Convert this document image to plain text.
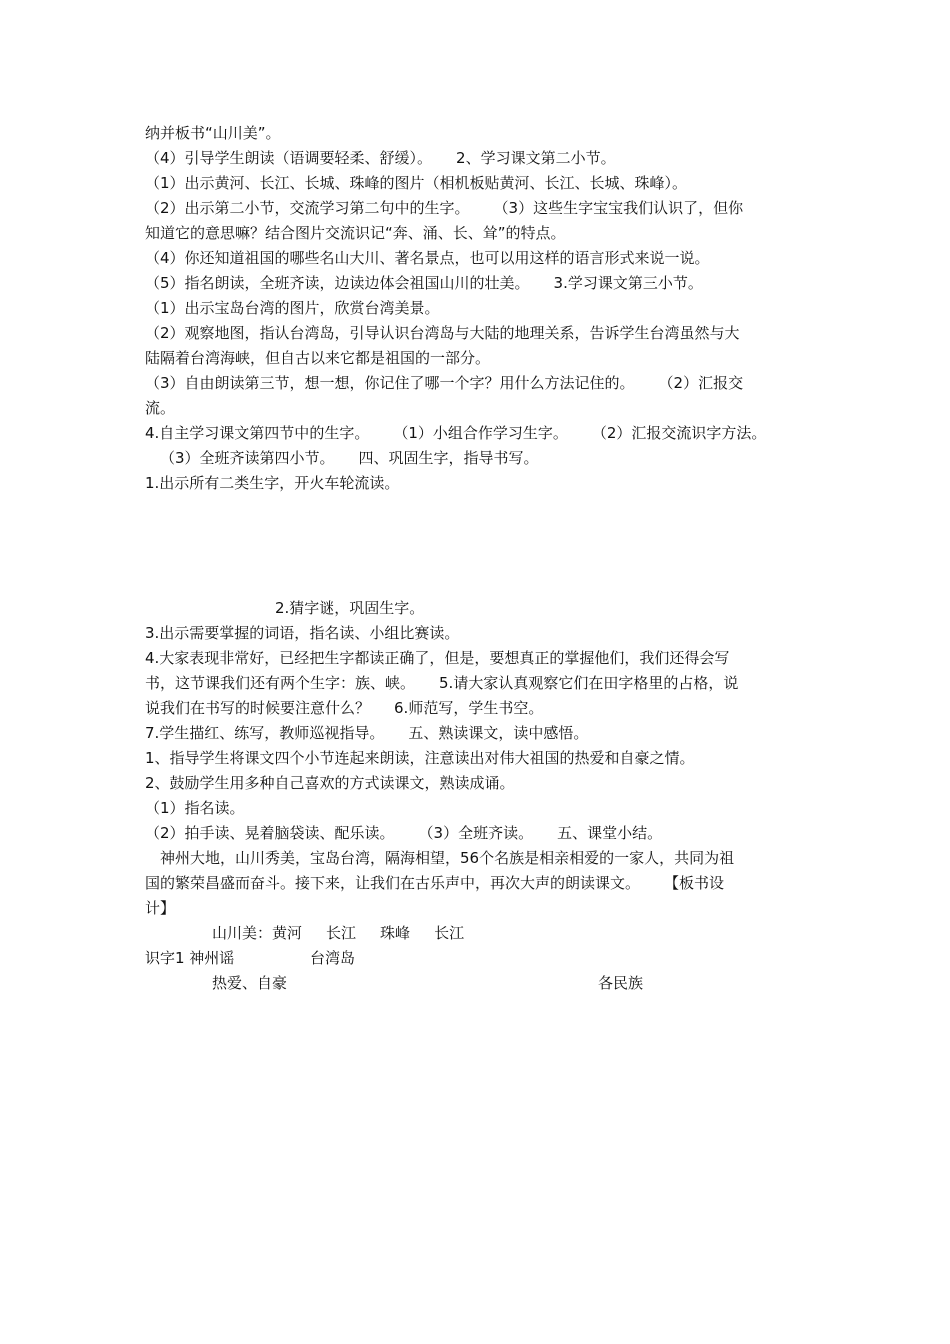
纳并板书“山川美”。
（4）引导学生朗读（语调要轻柔、舒缓）。 2、学习课文第二小节。
（1）出示黄河、长江、长城、珠峰的图片（相机板贴黄河、长江、长城、珠峰）。
（2）出示第二小节，交流学习第二句中的生字。 （3）这些生字宝宝我们认识了，但你
知道它的意思嘛？结合图片交流识记“奔、涌、长、耸”的特点。
（4）你还知道祖国的哪些名山大川、著名景点，也可以用这样的语言形式来说一说。
（5）指名朗读，全班齐读，边读边体会祖国山川的壮美。 3.学习课文第三小节。
（1）出示宝岛台湾的图片，欣赏台湾美景。
（2）观察地图，指认台湾岛，引导认识台湾岛与大陆的地理关系，告诉学生台湾虽然与大
陆隔着台湾海峡，但自古以来它都是祖国的一部分。
（3）自由朗读第三节，想一想，你记住了哪一个字？用什么方法记住的。 （2）汇报交
流。
4.自主学习课文第四节中的生字。 （1）小组合作学习生字。 （2）汇报交流识字方法。
（3）全班齐读第四小节。 四、巩固生字，指导书写。
1.出示所有二类生字，开火车轮流读。
2.猜字谜，巩固生字。
3.出示需要掌握的词语，指名读、小组比赛读。
4.大家表现非常好，已经把生字都读正确了，但是，要想真正的掌握他们，我们还得会写
书，这节课我们还有两个生字：族、峡。 5.请大家认真观察它们在田字格里的占格，说
说我们在书写的时候要注意什么？ 6.师范写，学生书空。
7.学生描红、练写，教师巡视指导。 五、熟读课文，读中感悟。
1、指导学生将课文四个小节连起来朗读，注意读出对伟大祖国的热爱和自豪之情。
2、鼓励学生用多种自己喜欢的方式读课文，熟读成诵。
（1）指名读。
（2）拍手读、晃着脑袋读、配乐读。 （3）全班齐读。 五、课堂小结。
神州大地，山川秀美，宝岛台湾，隔海相望，56个名族是相亲相爱的一家人，共同为祖
国的繁荣昌盛而奋斗。接下来，让我们在古乐声中，再次大声的朗读课文。 【板书设
计】
山川美：黄河 长江 珠峰 长江
识字1 神州谣	台湾岛
热爱、自豪	各民族
